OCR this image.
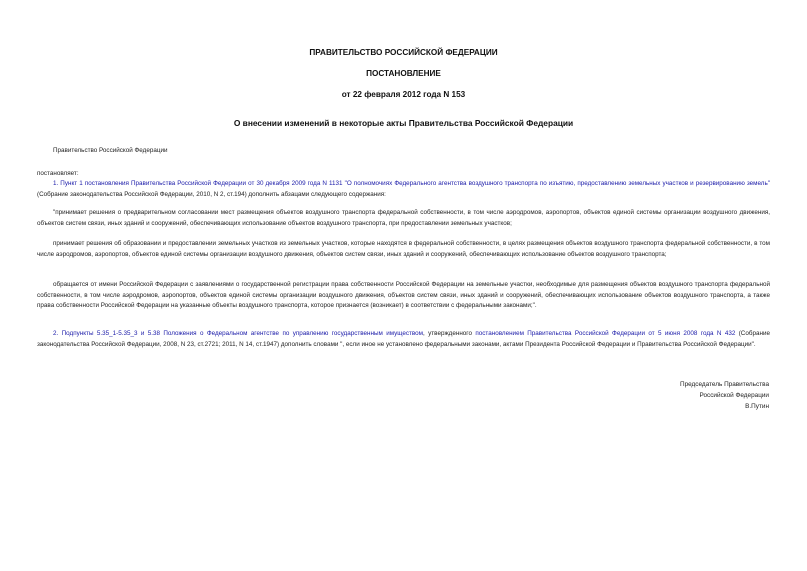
ПРАВИТЕЛЬСТВО РОССИЙСКОЙ ФЕДЕРАЦИИ
ПОСТАНОВЛЕНИЕ
от 22 февраля 2012 года N 153
О внесении изменений в некоторые акты Правительства Российской Федерации
Правительство Российской Федерации
постановляет:
1. Пункт 1 постановления Правительства Российской Федерации от 30 декабря 2009 года N 1131 "О полномочиях Федерального агентства воздушного транспорта по изъятию, предоставлению земельных участков и резервированию земель" (Собрание законодательства Российской Федерации, 2010, N 2, ст.194) дополнить абзацами следующего содержания:
"принимает решения о предварительном согласовании мест размещения объектов воздушного транспорта федеральной собственности, в том числе аэродромов, аэропортов, объектов единой системы организации воздушного движения, объектов систем связи, иных зданий и сооружений, обеспечивающих использование объектов воздушного транспорта, при предоставлении земельных участков;
принимает решения об образовании и предоставлении земельных участков из земельных участков, которые находятся в федеральной собственности, в целях размещения объектов воздушного транспорта федеральной собственности, в том числе аэродромов, аэропортов, объектов единой системы организации воздушного движения, объектов систем связи, иных зданий и сооружений, обеспечивающих использование объектов воздушного транспорта;
обращается от имени Российской Федерации с заявлениями о государственной регистрации права собственности Российской Федерации на земельные участки, необходимые для размещения объектов воздушного транспорта федеральной собственности, в том числе аэродромов, аэропортов, объектов единой системы организации воздушного движения, объектов систем связи, иных зданий и сооружений, обеспечивающих использование объектов воздушного транспорта, а также права собственности Российской Федерации на указанные объекты воздушного транспорта, которое признается (возникает) в соответствии с федеральными законами;".
2. Подпункты 5.35_1-5.35_3 и 5.38 Положения о Федеральном агентстве по управлению государственным имуществом, утвержденного постановлением Правительства Российской Федерации от 5 июня 2008 года N 432 (Собрание законодательства Российской Федерации, 2008, N 23, ст.2721; 2011, N 14, ст.1947) дополнить словами ", если иное не установлено федеральными законами, актами Президента Российской Федерации и Правительства Российской Федерации".
Председатель Правительства
Российской Федерации
В.Путин
